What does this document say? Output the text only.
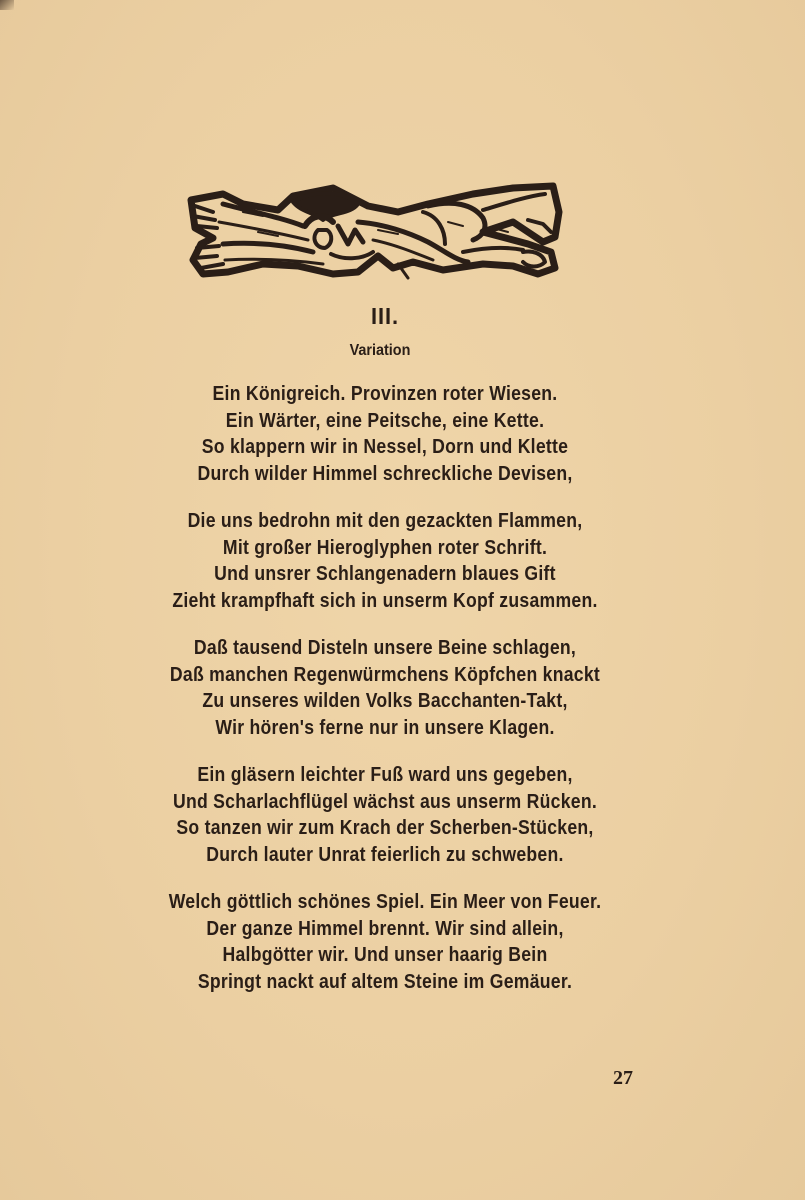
III.
Variation
Ein Königreich. Provinzen roter Wiesen.
Ein Wärter, eine Peitsche, eine Kette.
So klappern wir in Nessel, Dorn und Klette
Durch wilder Himmel schreckliche Devisen,
Die uns bedrohn mit den gezackten Flammen,
Mit großer Hieroglyphen roter Schrift.
Und unsrer Schlangenadern blaues Gift
Zieht krampfhaft sich in unserm Kopf zusammen.
Daß tausend Disteln unsere Beine schlagen,
Daß manchen Regenwürmchens Köpfchen knackt
Zu unseres wilden Volks Bacchanten-Takt,
Wir hören's ferne nur in unsere Klagen.
Ein gläsern leichter Fuß ward uns gegeben,
Und Scharlachflügel wächst aus unserm Rücken.
So tanzen wir zum Krach der Scherben-Stücken,
Durch lauter Unrat feierlich zu schweben.
Welch göttlich schönes Spiel. Ein Meer von Feuer.
Der ganze Himmel brennt. Wir sind allein,
Halbgötter wir. Und unser haarig Bein
Springt nackt auf altem Steine im Gemäuer.
27
